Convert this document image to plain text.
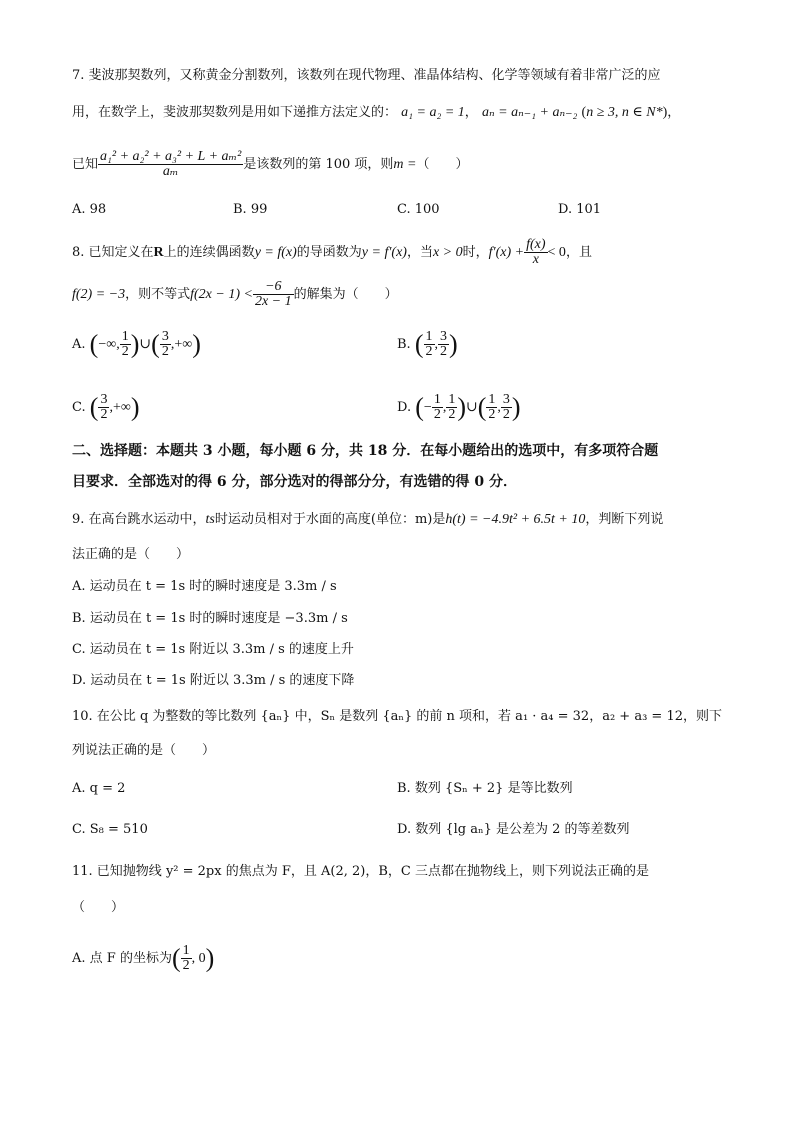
7. 斐波那契数列，又称黄金分割数列，该数列在现代物理、准晶体结构、化学等领域有着非常广泛的应
用，在数学上，斐波那契数列是用如下递推方法定义的： a₁ = a₂ = 1， aₙ = aₙ₋₁ + aₙ₋₂ (n ≥ 3, n ∈ N*)，
已知 $\frac{\text{a₁² + a₂² + a₃² + L + aₘ²}}{\text{aₘ}}$ 是该数列的第 100 项，则m =（　　）
A. 98	B. 99	C. 100	D. 101
8. 已知定义在R上的连续偶函数y = f(x)的导函数为y = f′(x)，当x > 0时，$f'(x) + \frac{f(x)}{x} < 0$，且
f(2) = −3，则不等式$f(2x - 1) < \frac{-6}{2x - 1}$ 的解集为（　　）
A. (−∞, $\frac{1}{2}$ )∪( $\frac{3}{2}$ ,+∞)	B. ( $\frac{1}{2}$ , $\frac{3}{2}$ )
C. ( $\frac{3}{2}$ ,+∞)	D. (− $\frac{1}{2}$ , $\frac{1}{2}$ )∪( $\frac{1}{2}$ , $\frac{3}{2}$ )
二、选择题：本题共 3 小题，每小题 6 分，共 18 分．在每小题给出的选项中，有多项符合题
目要求．全部选对的得 6 分，部分选对的得部分分，有选错的得 0 分．
9. 在高台跳水运动中，ts时运动员相对于水面的高度(单位：m)是h(t) = −4.9t² + 6.5t + 10，判断下列说
法正确的是（　　）
A. 运动员在 t = 1s 时的瞬时速度是 3.3m / s
B. 运动员在 t = 1s 时的瞬时速度是 −3.3m / s
C. 运动员在 t = 1s 附近以 3.3m / s 的速度上升
D. 运动员在 t = 1s 附近以 3.3m / s 的速度下降
10. 在公比 q 为整数的等比数列 {aₙ} 中，Sₙ 是数列 {aₙ} 的前 n 项和，若 a₁ · a₄ = 32，a₂ + a₃ = 12，则下
列说法正确的是（　　）
A. q = 2	B. 数列 {Sₙ + 2} 是等比数列
C. S₈ = 510	D. 数列 {lg aₙ} 是公差为 2 的等差数列
11. 已知抛物线 y² = 2px 的焦点为 F，且 A(2, 2)，B，C 三点都在抛物线上，则下列说法正确的是
（　　）
A. 点 F 的坐标为( $\frac{1}{2}$ , 0)
